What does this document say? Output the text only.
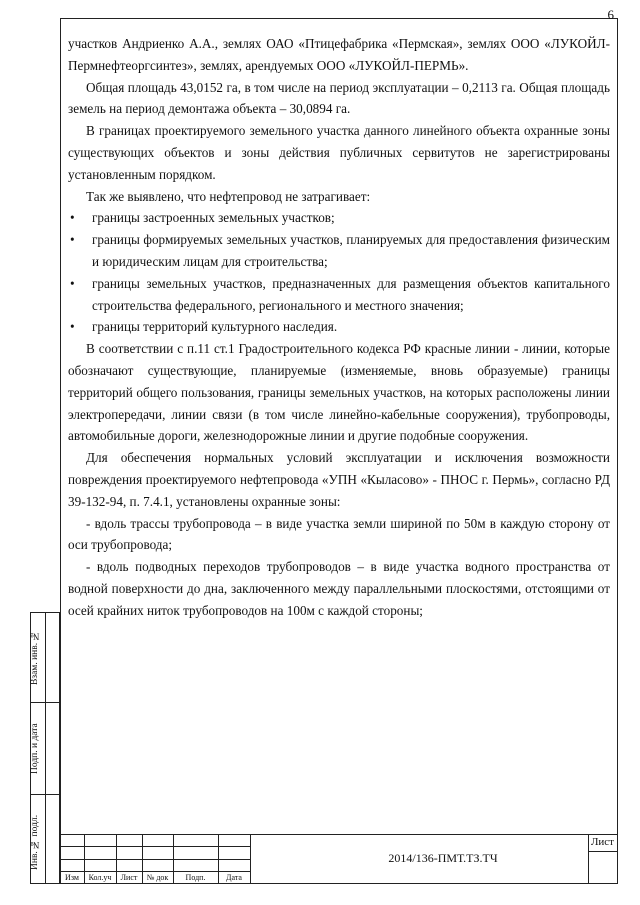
6

участков Андриенко А.А., землях ОАО «Птицефабрика «Пермская», землях ООО «ЛУКОЙЛ-Пермнефтеоргсинтез», землях, арендуемых ООО «ЛУКОЙЛ-ПЕРМЬ».

Общая площадь 43,0152 га, в том числе на период эксплуатации – 0,2113 га. Общая площадь земель на период демонтажа объекта – 30,0894 га.

В границах проектируемого земельного участка данного линейного объекта охранные зоны существующих объектов и зоны действия публичных сервитутов не зарегистрированы установленным порядком.

Так же выявлено, что нефтепровод не затрагивает:

• границы застроенных земельных участков;

• границы формируемых земельных участков, планируемых для предоставления физическим и юридическим лицам для строительства;

• границы земельных участков, предназначенных для размещения объектов капитального строительства федерального, регионального и местного значения;

• границы территорий культурного наследия.

В соответствии с п.11 ст.1 Градостроительного кодекса РФ красные линии - линии, которые обозначают существующие, планируемые (изменяемые, вновь образуемые) границы территорий общего пользования, границы земельных участков, на которых расположены линии электропередачи, линии связи (в том числе линейно-кабельные сооружения), трубопроводы, автомобильные дороги, железнодорожные линии и другие подобные сооружения.

Для обеспечения нормальных условий эксплуатации и исключения возможности повреждения проектируемого нефтепровода «УПН «Кыласово» - ПНОС г. Пермь», согласно РД 39-132-94, п. 7.4.1, установлены охранные зоны:

- вдоль трассы трубопровода – в виде участка земли шириной по 50м в каждую сторону от оси трубопровода;

- вдоль подводных переходов трубопроводов – в виде участка водного пространства от водной поверхности до дна, заключенного между параллельными плоскостями, отстоящими от осей крайних ниток трубопроводов на 100м с каждой стороны;

Взам. инв. №
Подп. и дата
Инв. № подл.
Изм	Кол.уч	Лист	№ док	Подп.	Дата
2014/136-ПМТ.ТЗ.ТЧ
Лист
